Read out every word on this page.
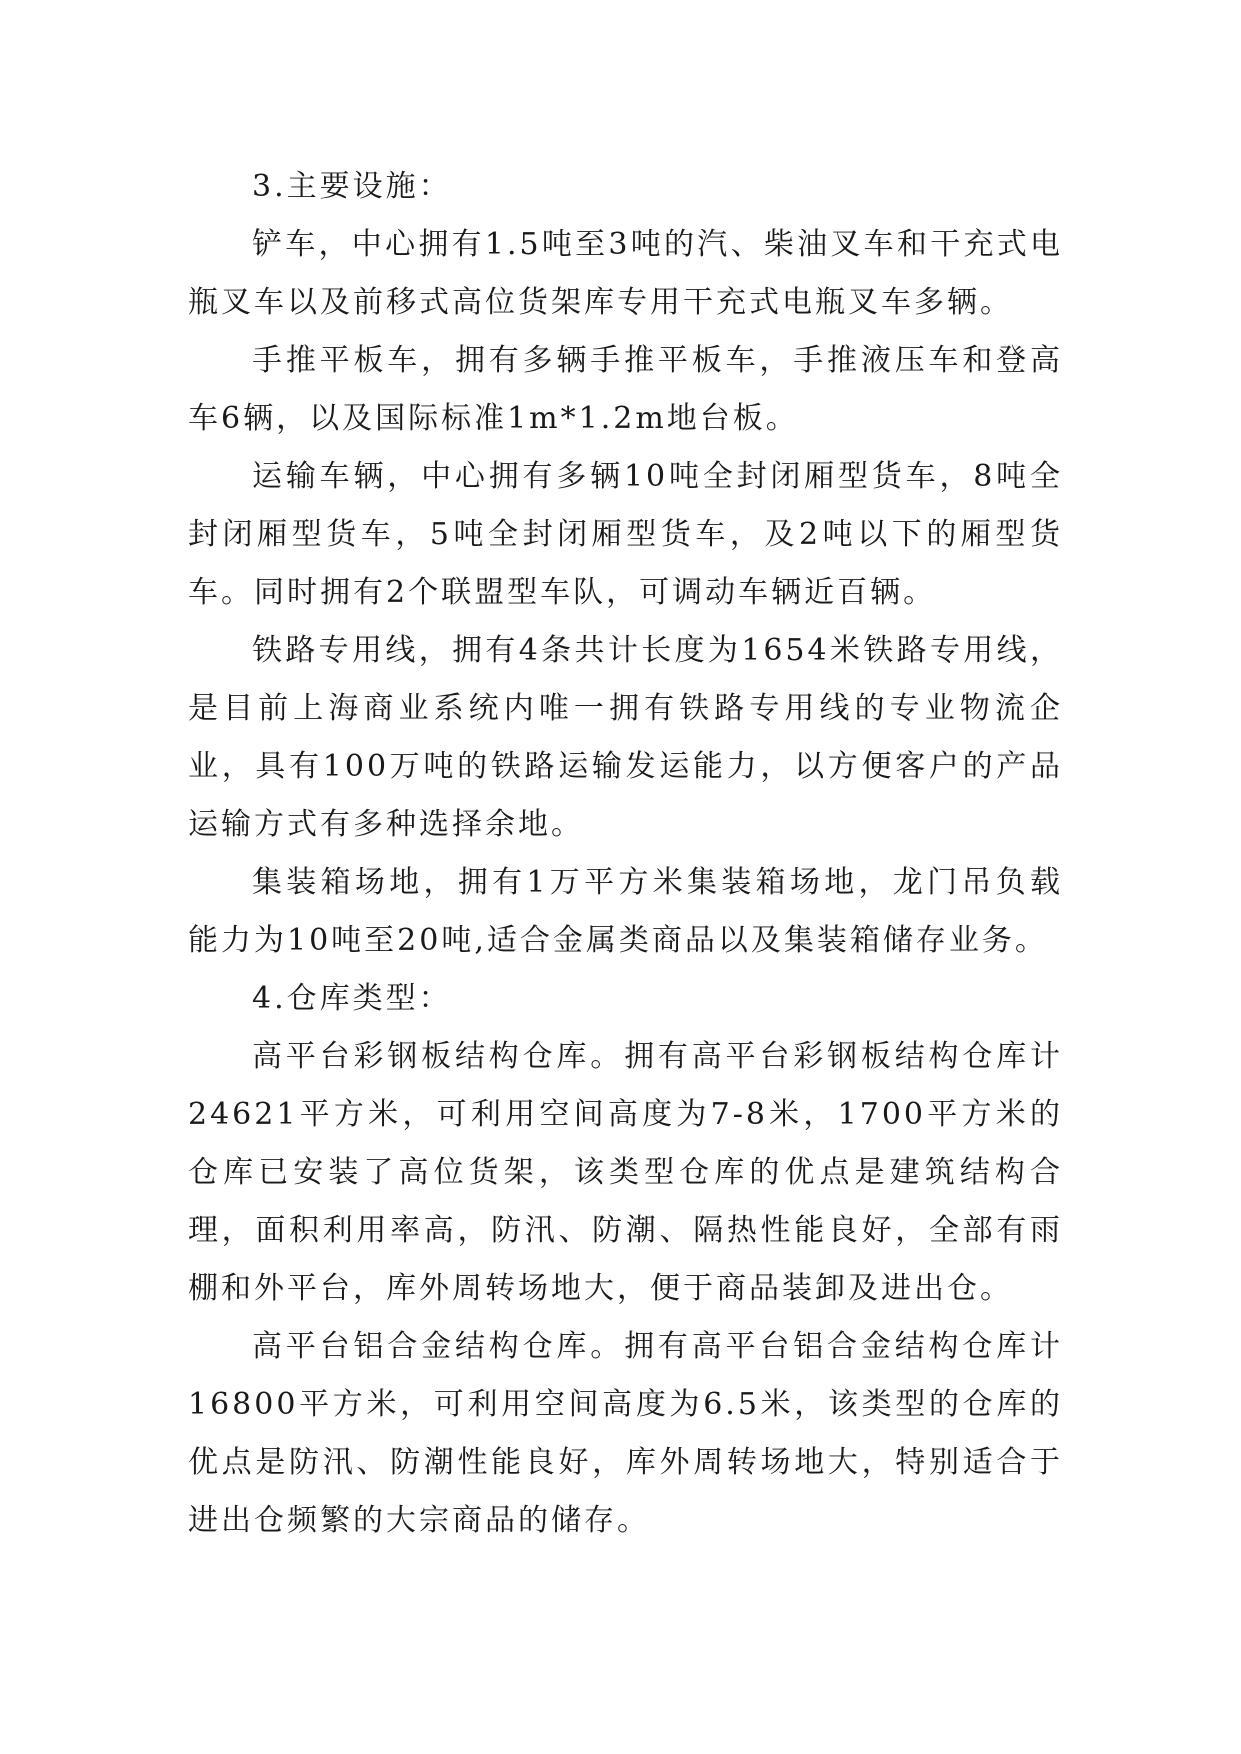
3.主要设施：

铲车，中心拥有1.5吨至3吨的汽、柴油叉车和干充式电瓶叉车以及前移式高位货架库专用干充式电瓶叉车多辆。

手推平板车，拥有多辆手推平板车，手推液压车和登高车6辆，以及国际标准1m*1.2m地台板。

运输车辆，中心拥有多辆10吨全封闭厢型货车，8吨全封闭厢型货车，5吨全封闭厢型货车，及2吨以下的厢型货车。同时拥有2个联盟型车队，可调动车辆近百辆。

铁路专用线，拥有4条共计长度为1654米铁路专用线，是目前上海商业系统内唯一拥有铁路专用线的专业物流企业，具有100万吨的铁路运输发运能力，以方便客户的产品运输方式有多种选择余地。

集装箱场地，拥有1万平方米集装箱场地，龙门吊负载能力为10吨至20吨,适合金属类商品以及集装箱储存业务。

4.仓库类型：

高平台彩钢板结构仓库。拥有高平台彩钢板结构仓库计24621平方米，可利用空间高度为7-8米，1700平方米的仓库已安装了高位货架，该类型仓库的优点是建筑结构合理，面积利用率高，防汛、防潮、隔热性能良好，全部有雨棚和外平台，库外周转场地大，便于商品装卸及进出仓。

高平台铝合金结构仓库。拥有高平台铝合金结构仓库计16800平方米，可利用空间高度为6.5米，该类型的仓库的优点是防汛、防潮性能良好，库外周转场地大，特别适合于进出仓频繁的大宗商品的储存。
